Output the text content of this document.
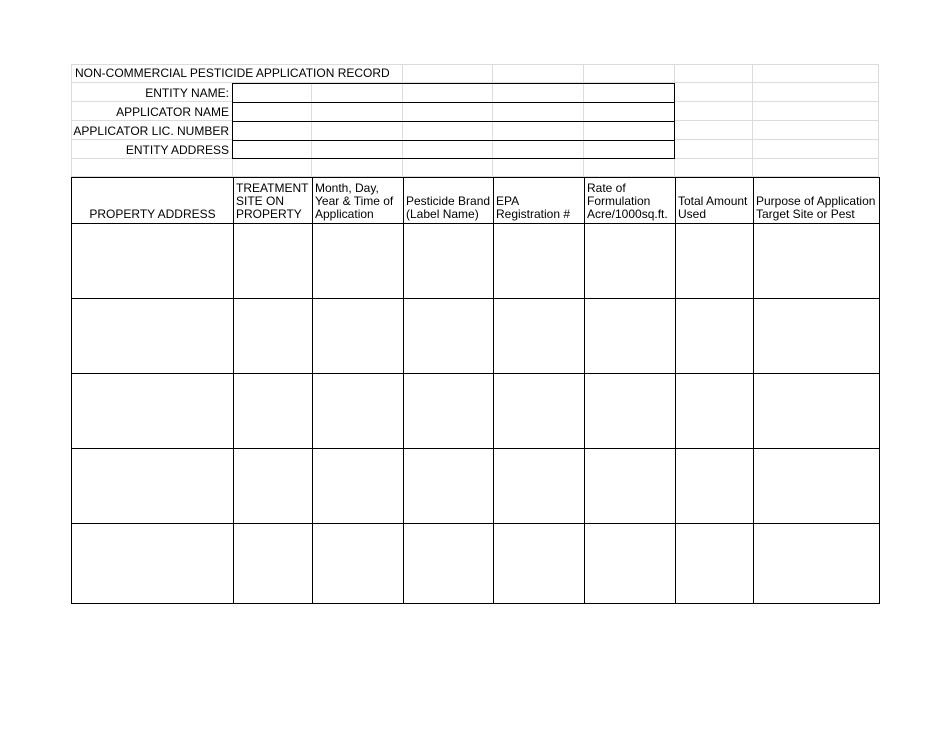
NON-COMMERCIAL PESTICIDE APPLICATION RECORD
ENTITY NAME:
APPLICATOR NAME
APPLICATOR LIC. NUMBER
ENTITY ADDRESS
PROPERTY ADDRESS	TREATMENT SITE ON PROPERTY	Month, Day, Year & Time of Application	Pesticide Brand (Label Name)	EPA Registration #	Rate of Formulation Acre/1000sq.ft.	Total Amount Used	Purpose of Application Target Site or Pest
